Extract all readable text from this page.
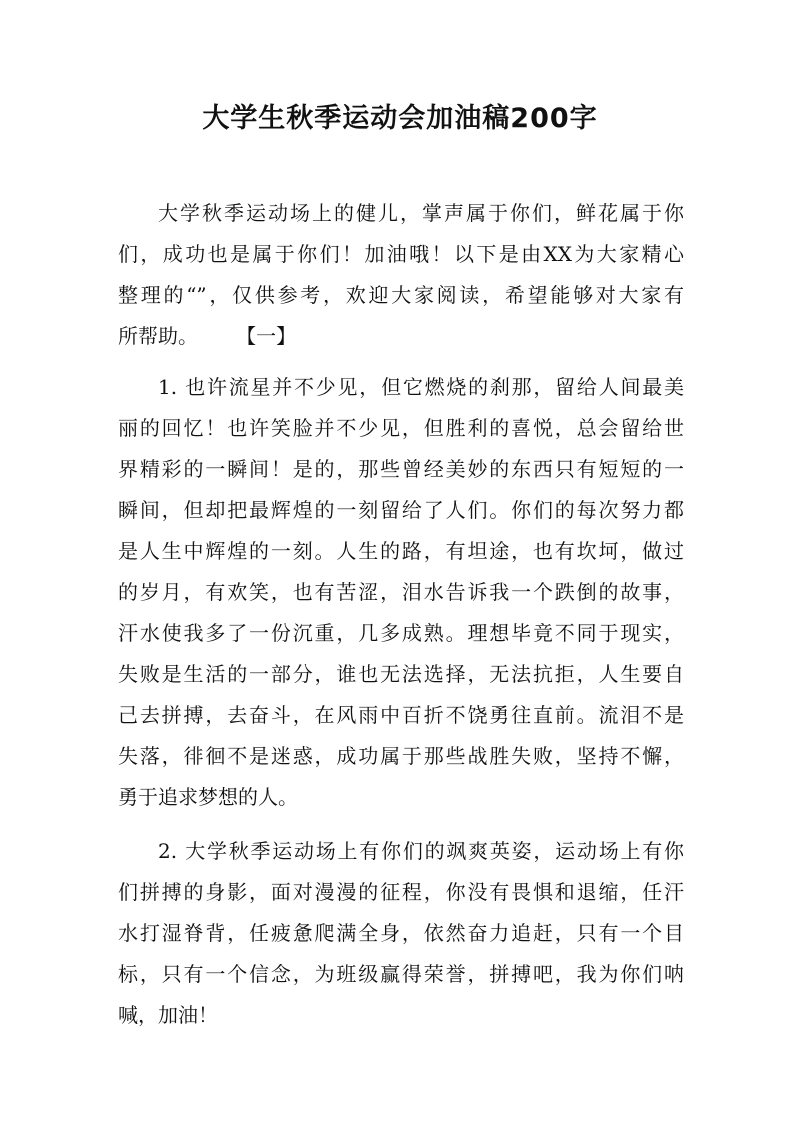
大学生秋季运动会加油稿200字
大学秋季运动场上的健儿，掌声属于你们，鲜花属于你
们，成功也是属于你们！加油哦！以下是由XX为大家精心
整理的“”，仅供参考，欢迎大家阅读，希望能够对大家有
所帮助。      【一】
1. 也许流星并不少见，但它燃烧的刹那，留给人间最美
丽的回忆！也许笑脸并不少见，但胜利的喜悦，总会留给世
界精彩的一瞬间！是的，那些曾经美妙的东西只有短短的一
瞬间，但却把最辉煌的一刻留给了人们。你们的每次努力都
是人生中辉煌的一刻。人生的路，有坦途，也有坎坷，做过
的岁月，有欢笑，也有苦涩，泪水告诉我一个跌倒的故事，
汗水使我多了一份沉重，几多成熟。理想毕竟不同于现实，
失败是生活的一部分，谁也无法选择，无法抗拒，人生要自
己去拼搏，去奋斗，在风雨中百折不饶勇往直前。流泪不是
失落，徘徊不是迷惑，成功属于那些战胜失败，坚持不懈，
勇于追求梦想的人。
2. 大学秋季运动场上有你们的飒爽英姿，运动场上有你
们拼搏的身影，面对漫漫的征程，你没有畏惧和退缩，任汗
水打湿脊背，任疲惫爬满全身，依然奋力追赶，只有一个目
标，只有一个信念，为班级赢得荣誉，拼搏吧，我为你们呐
喊，加油！
